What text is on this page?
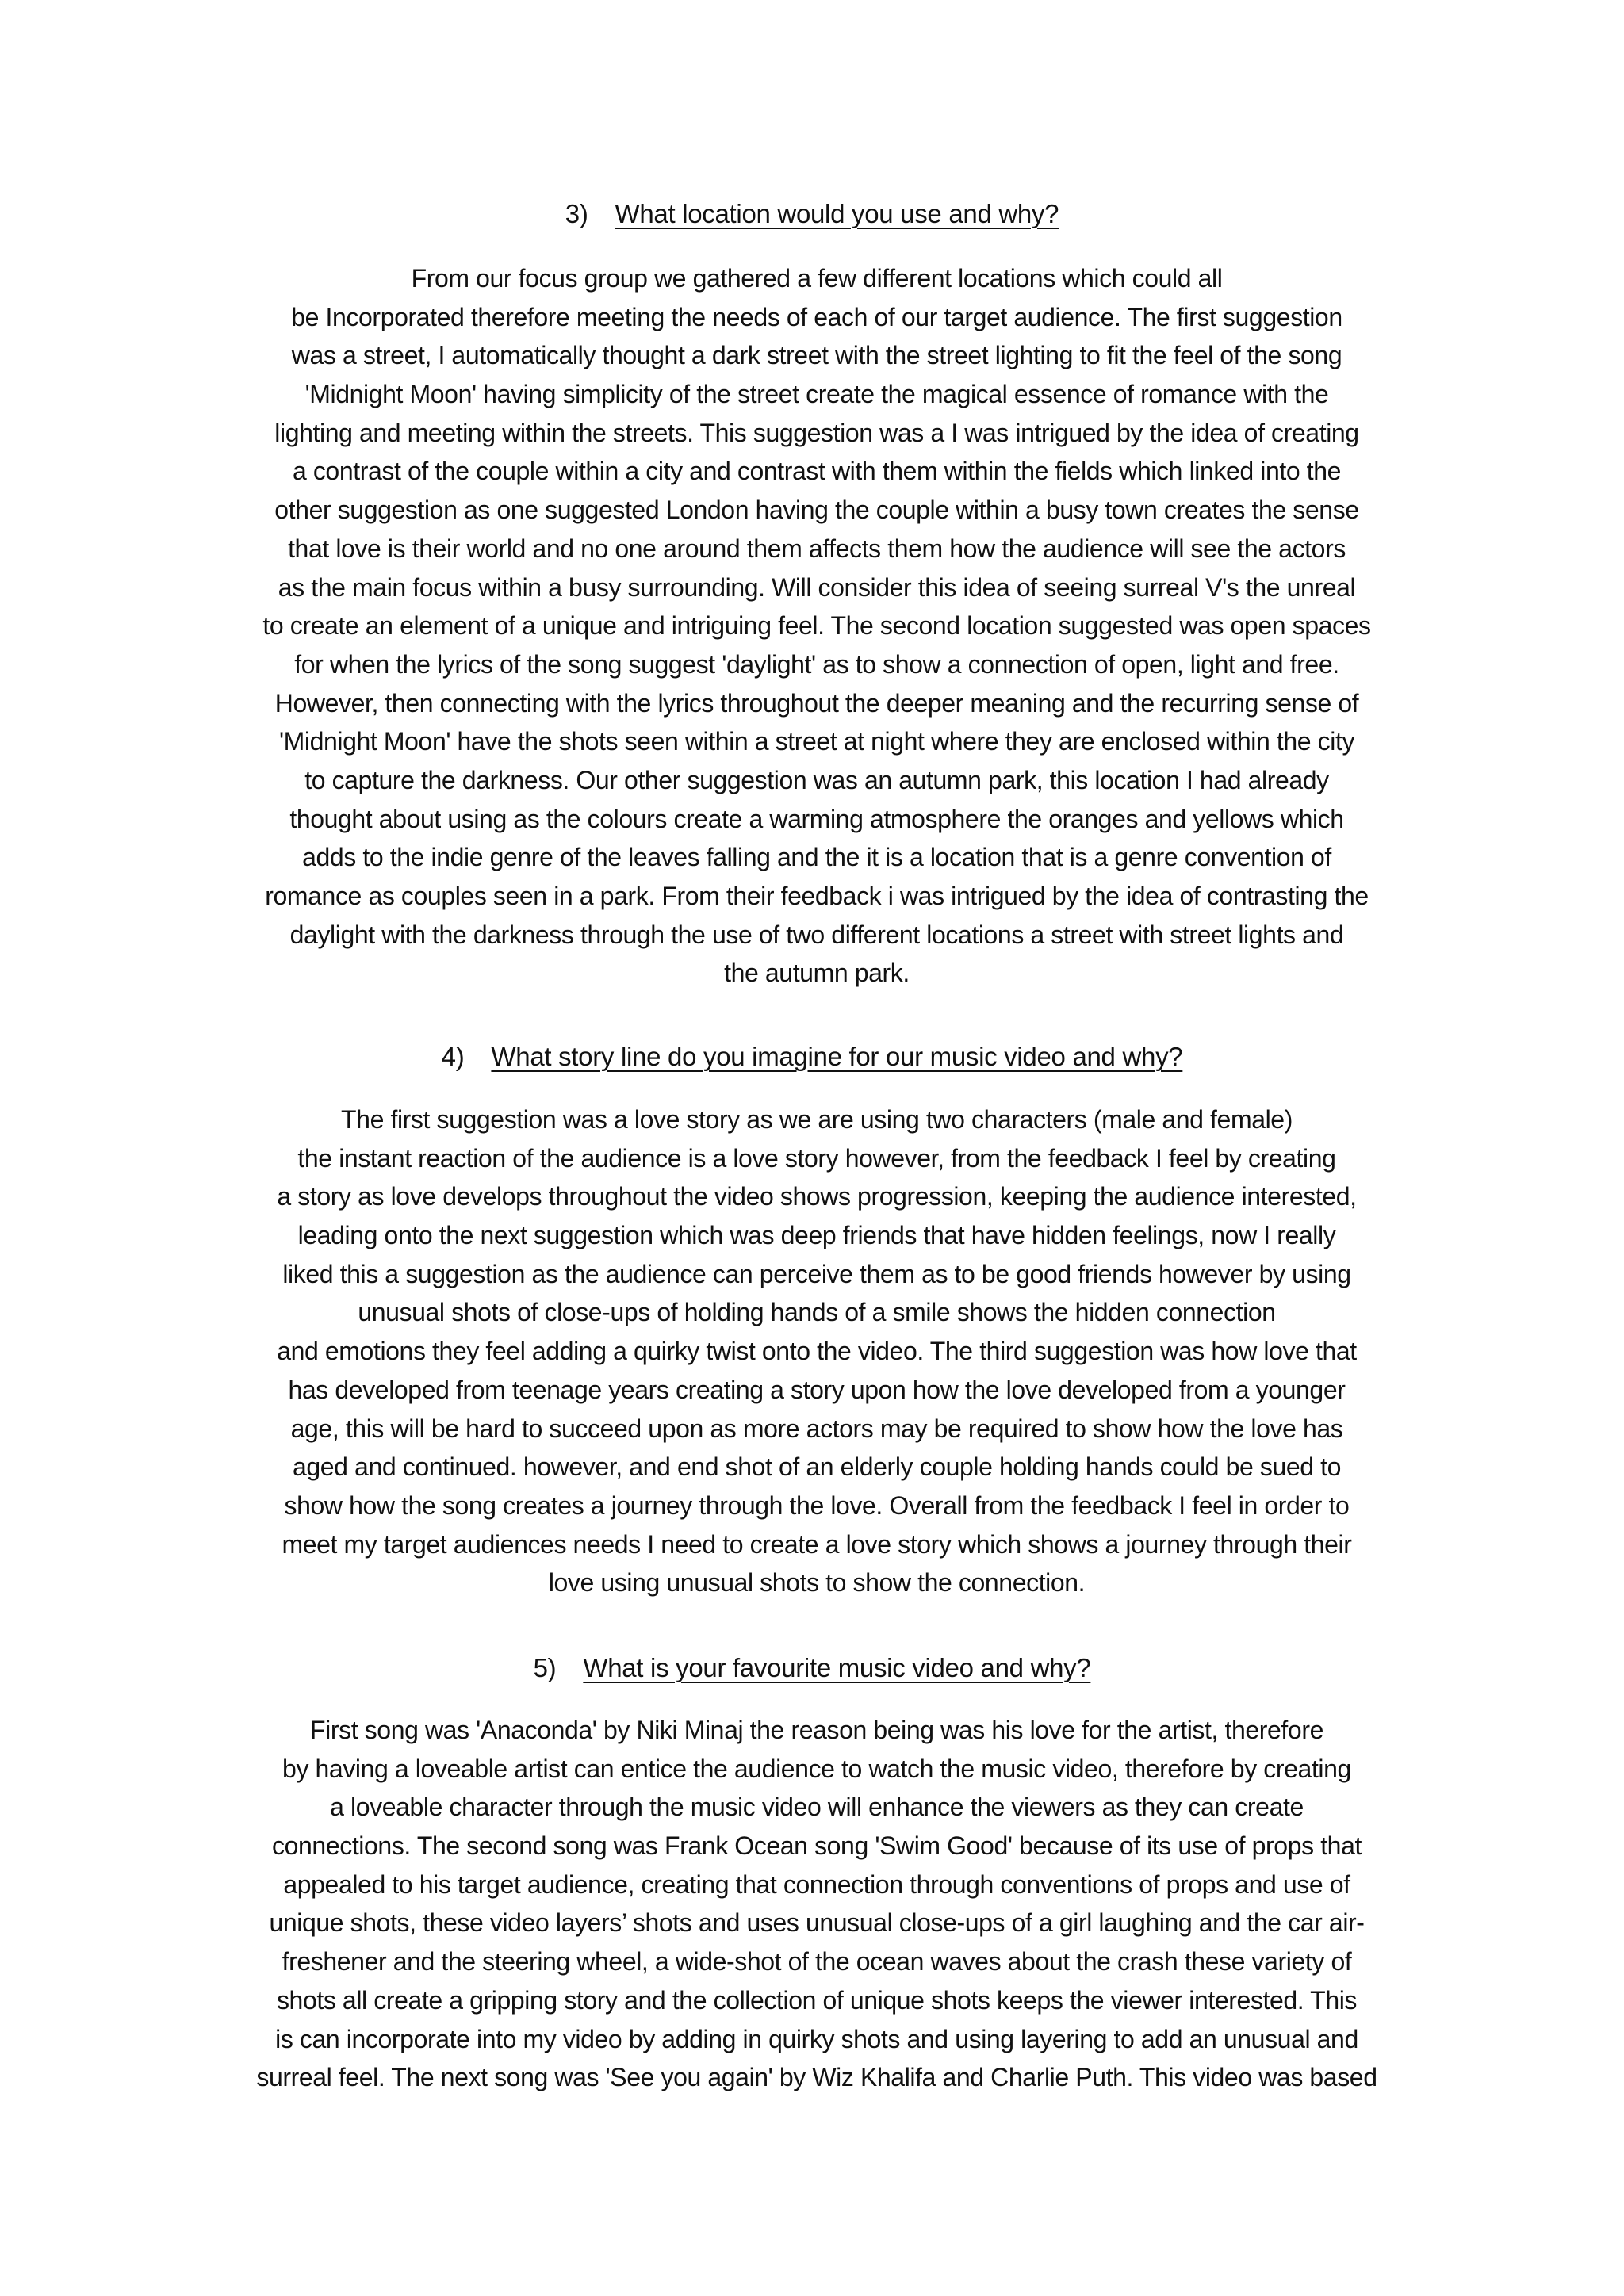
3) What location would you use and why?
From our focus group we gathered a few different locations which could all
be Incorporated therefore meeting the needs of each of our target audience. The first suggestion
was a street, I automatically thought a dark street with the street lighting to fit the feel of the song
'Midnight Moon' having simplicity of the street create the magical essence of romance with the
lighting and meeting within the streets. This suggestion was a I was intrigued by the idea of creating
a contrast of the couple within a city and contrast with them within the fields which linked into the
other suggestion as one suggested London having the couple within a busy town creates the sense
that love is their world and no one around them affects them how the audience will see the actors
as the main focus within a busy surrounding. Will consider this idea of seeing surreal V's the unreal
to create an element of a unique and intriguing feel. The second location suggested was open spaces
for when the lyrics of the song suggest 'daylight' as to show a connection of open, light and free.
However, then connecting with the lyrics throughout the deeper meaning and the recurring sense of
'Midnight Moon' have the shots seen within a street at night where they are enclosed within the city
to capture the darkness. Our other suggestion was an autumn park, this location I had already
thought about using as the colours create a warming atmosphere the oranges and yellows which
adds to the indie genre of the leaves falling and the it is a location that is a genre convention of
romance as couples seen in a park. From their feedback i was intrigued by the idea of contrasting the
daylight with the darkness through the use of two different locations a street with street lights and
the autumn park.
4) What story line do you imagine for our music video and why?
The first suggestion was a love story as we are using two characters (male and female)
the instant reaction of the audience is a love story however, from the feedback I feel by creating
a story as love develops throughout the video shows progression, keeping the audience interested,
leading onto the next suggestion which was deep friends that have hidden feelings, now I really
liked this a suggestion as the audience can perceive them as to be good friends however by using
unusual shots of close-ups of holding hands of a smile shows the hidden connection
and emotions they feel adding a quirky twist onto the video. The third suggestion was how love that
has developed from teenage years creating a story upon how the love developed from a younger
age, this will be hard to succeed upon as more actors may be required to show how the love has
aged and continued. however, and end shot of an elderly couple holding hands could be sued to
show how the song creates a journey through the love. Overall from the feedback I feel in order to
meet my target audiences needs I need to create a love story which shows a journey through their
love using unusual shots to show the connection.
5) What is your favourite music video and why?
First song was 'Anaconda' by Niki Minaj the reason being was his love for the artist, therefore
by having a loveable artist can entice the audience to watch the music video, therefore by creating
a loveable character through the music video will enhance the viewers as they can create
connections. The second song was Frank Ocean song 'Swim Good' because of its use of props that
appealed to his target audience, creating that connection through conventions of props and use of
unique shots, these video layers’ shots and uses unusual close-ups of a girl laughing and the car air-
freshener and the steering wheel, a wide-shot of the ocean waves about the crash these variety of
shots all create a gripping story and the collection of unique shots keeps the viewer interested. This
is can incorporate into my video by adding in quirky shots and using layering to add an unusual and
surreal feel. The next song was 'See you again' by Wiz Khalifa and Charlie Puth. This video was based
